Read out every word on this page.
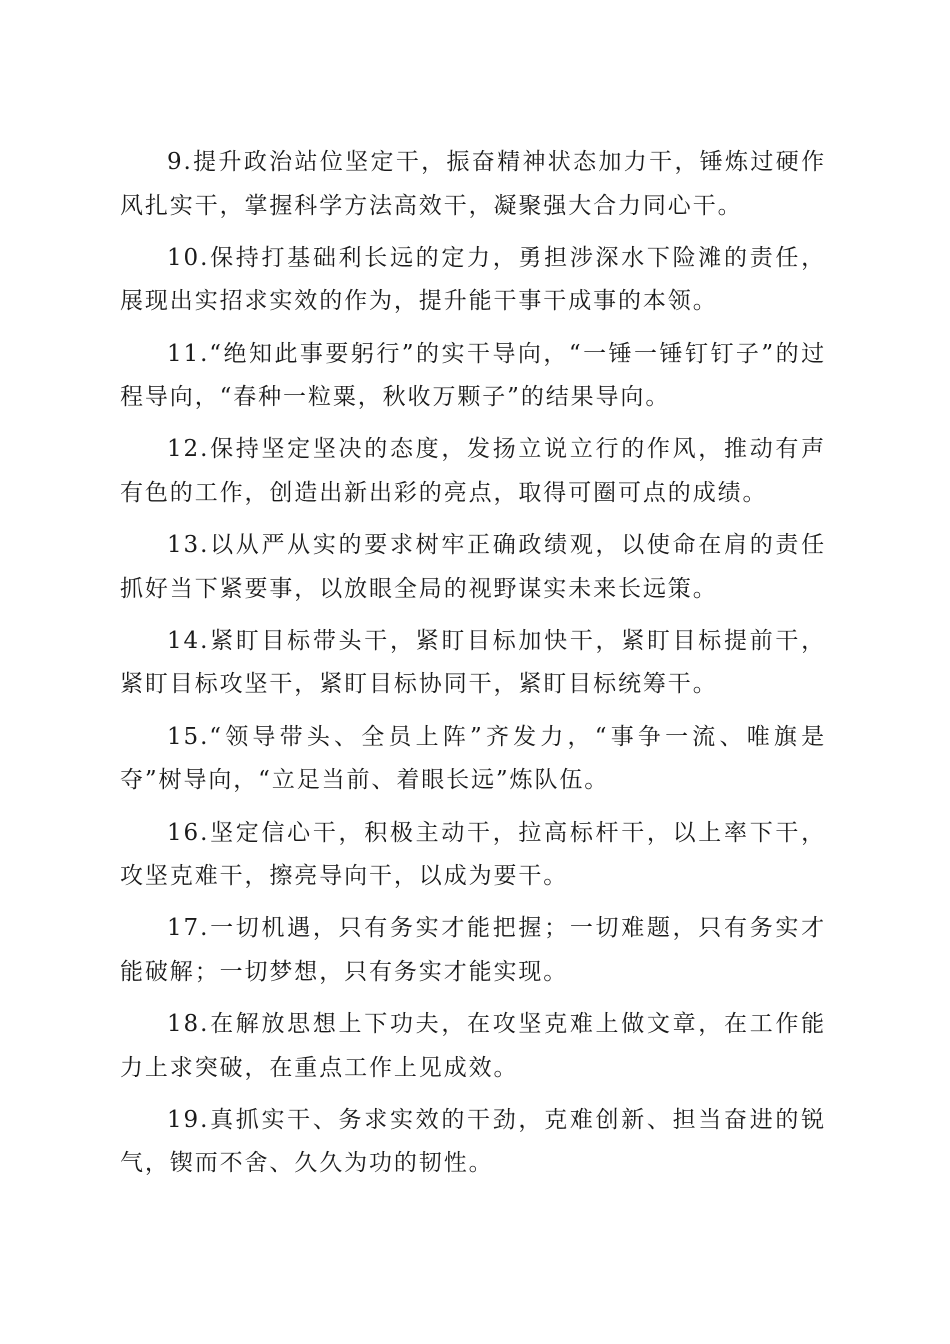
9.提升政治站位坚定干，振奋精神状态加力干，锤炼过硬作风扎实干，掌握科学方法高效干，凝聚强大合力同心干。

10.保持打基础利长远的定力，勇担涉深水下险滩的责任，展现出实招求实效的作为，提升能干事干成事的本领。

11.“绝知此事要躬行”的实干导向，“一锤一锤钉钉子”的过程导向，“春种一粒粟，秋收万颗子”的结果导向。

12.保持坚定坚决的态度，发扬立说立行的作风，推动有声有色的工作，创造出新出彩的亮点，取得可圈可点的成绩。

13.以从严从实的要求树牢正确政绩观，以使命在肩的责任抓好当下紧要事，以放眼全局的视野谋实未来长远策。

14.紧盯目标带头干，紧盯目标加快干，紧盯目标提前干，紧盯目标攻坚干，紧盯目标协同干，紧盯目标统筹干。

15.“领导带头、全员上阵”齐发力，“事争一流、唯旗是夺”树导向，“立足当前、着眼长远”炼队伍。

16.坚定信心干，积极主动干，拉高标杆干，以上率下干，攻坚克难干，擦亮导向干，以成为要干。

17.一切机遇，只有务实才能把握；一切难题，只有务实才能破解；一切梦想，只有务实才能实现。

18.在解放思想上下功夫，在攻坚克难上做文章，在工作能力上求突破，在重点工作上见成效。

19.真抓实干、务求实效的干劲，克难创新、担当奋进的锐气，锲而不舍、久久为功的韧性。
